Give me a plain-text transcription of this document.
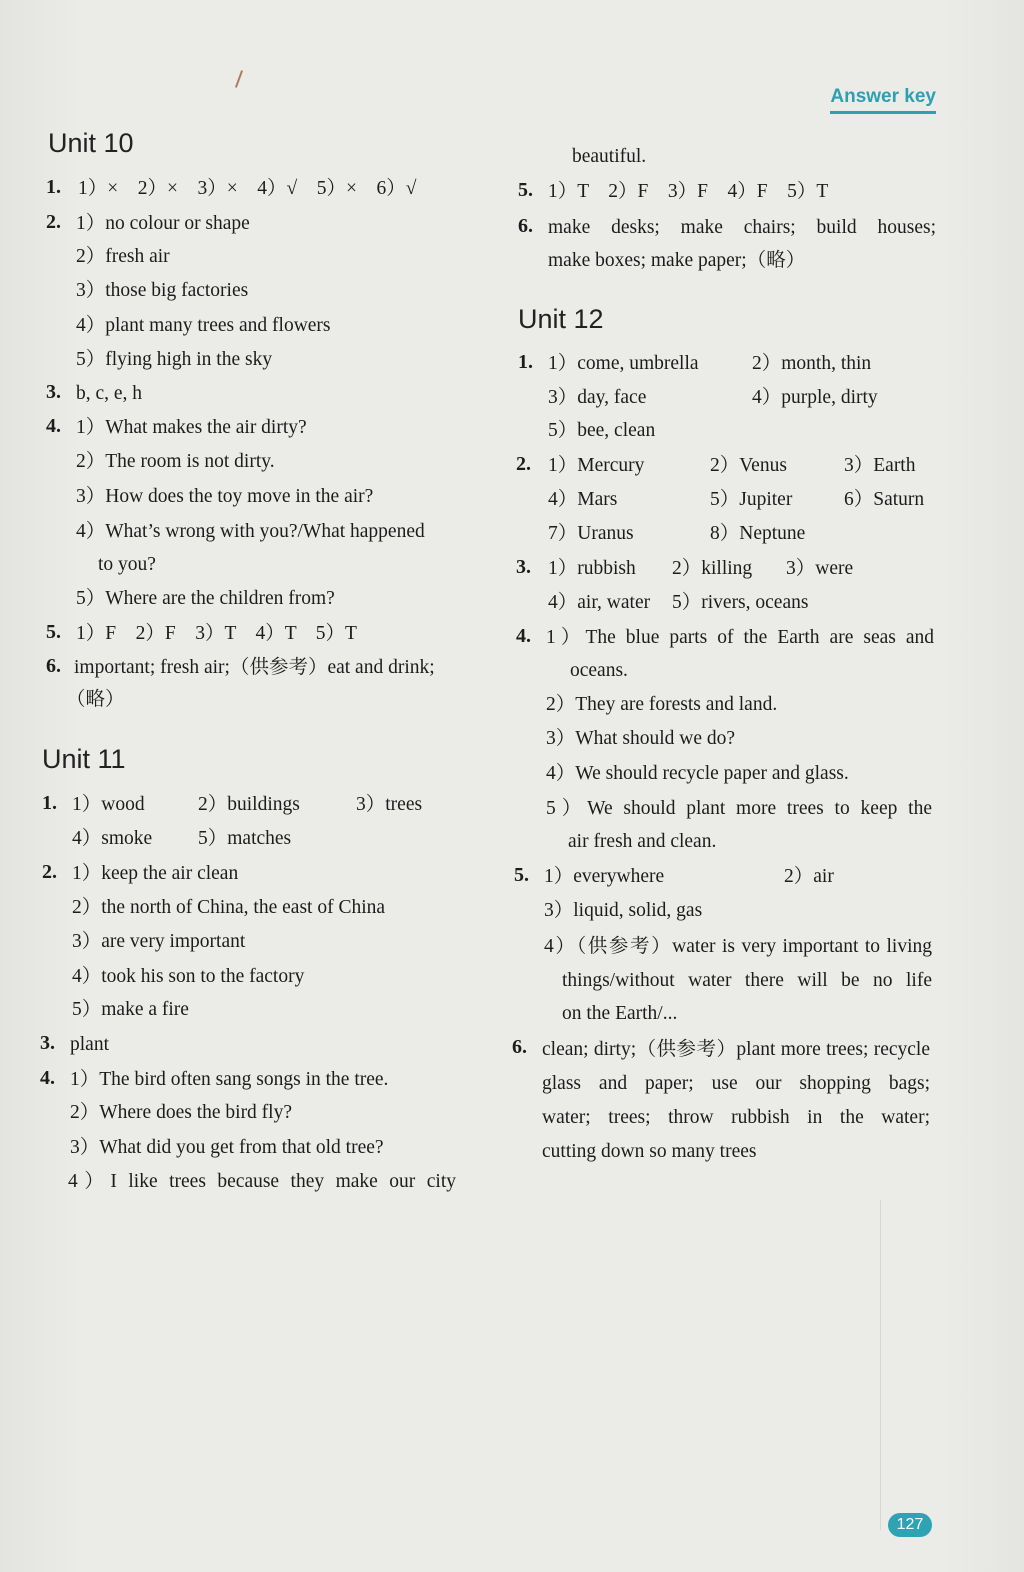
Answer key
Unit 10
1. 1）×　2）×　3）×　4）√　5）×　6）√
2. 1）no colour or shape
2）fresh air
3）those big factories
4）plant many trees and flowers
5）flying high in the sky
3. b, c, e, h
4. 1）What makes the air dirty?
2）The room is not dirty.
3）How does the toy move in the air?
4）What’s wrong with you?/What happened
to you?
5）Where are the children from?
5. 1）F　2）F　3）T　4）T　5）T
6. important; fresh air;（供参考）eat and drink;
（略）
Unit 11
1. 1）wood	2）buildings	3）trees
4）smoke 5）matches
2. 1）keep the air clean
2）the north of China, the east of China
3）are very important
4）took his son to the factory
5）make a fire
3. plant
4. 1）The bird often sang songs in the tree.
2）Where does the bird fly?
3）What did you get from that old tree?
4）I like trees because they make our city
beautiful.
5. 1）T　2）F　3）F　4）F　5）T
6. make desks; make chairs; build houses;
make boxes; make paper;（略）
Unit 12
1. 1）come, umbrella	2）month, thin
3）day, face	4）purple, dirty
5）bee, clean
2. 1）Mercury	2）Venus	3）Earth
4）Mars	5）Jupiter	6）Saturn
7）Uranus	8）Neptune
3. 1）rubbish 2）killing 3）were
4）air, water 5）rivers, oceans
4. 1）The blue parts of the Earth are seas and
oceans.
2）They are forests and land.
3）What should we do?
4）We should recycle paper and glass.
5）We should plant more trees to keep the
air fresh and clean.
5. 1）everywhere	2）air
3）liquid, solid, gas
4）（供参考）water is very important to living
things/without water there will be no life
on the Earth/...
6. clean; dirty;（供参考）plant more trees; recycle
glass and paper; use our shopping bags;
water; trees; throw rubbish in the water;
cutting down so many trees
127
